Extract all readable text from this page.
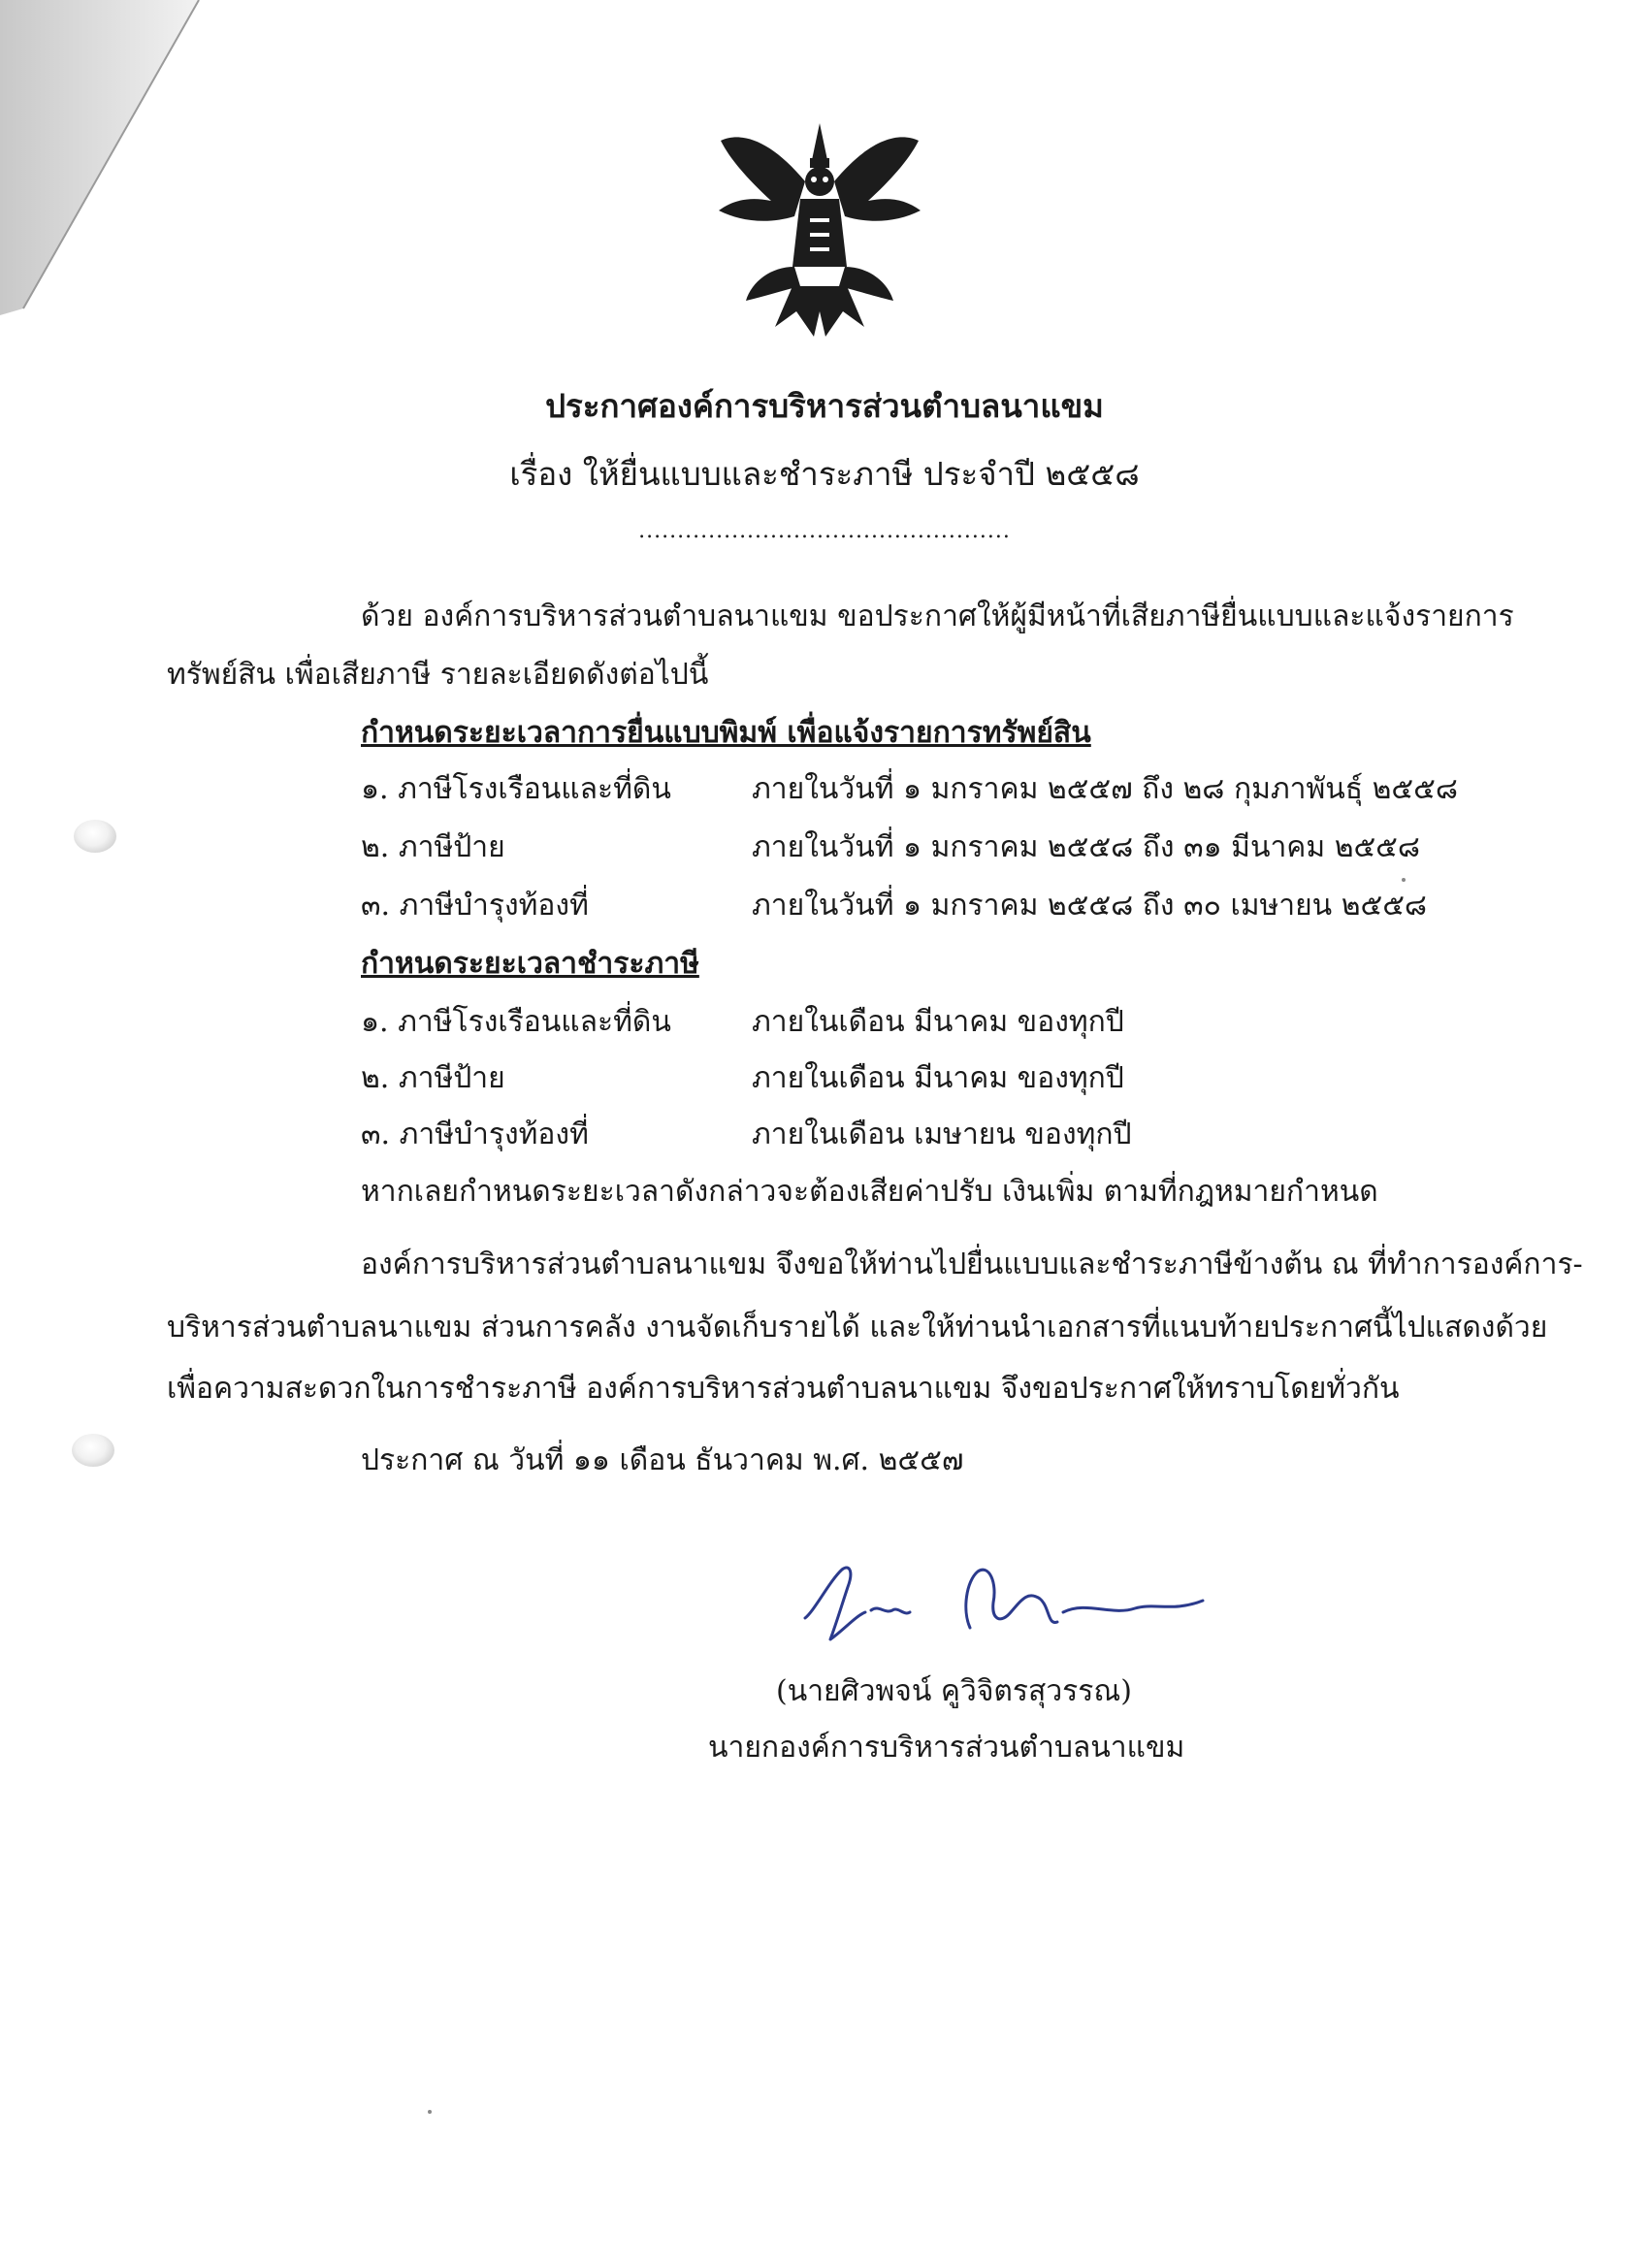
ประกาศองค์การบริหารส่วนตำบลนาแขม
เรื่อง ให้ยื่นแบบและชำระภาษี ประจำปี ๒๕๕๘
................................................
ด้วย องค์การบริหารส่วนตำบลนาแขม ขอประกาศให้ผู้มีหน้าที่เสียภาษียื่นแบบและแจ้งรายการ
ทรัพย์สิน เพื่อเสียภาษี รายละเอียดดังต่อไปนี้
กำหนดระยะเวลาการยื่นแบบพิมพ์ เพื่อแจ้งรายการทรัพย์สิน
๑. ภาษีโรงเรือนและที่ดิน	ภายในวันที่ ๑ มกราคม ๒๕๕๗ ถึง ๒๘ กุมภาพันธุ์ ๒๕๕๘
๒. ภาษีป้าย	ภายในวันที่ ๑ มกราคม ๒๕๕๘ ถึง ๓๑ มีนาคม ๒๕๕๘
๓. ภาษีบำรุงท้องที่	ภายในวันที่ ๑ มกราคม ๒๕๕๘ ถึง ๓๐ เมษายน ๒๕๕๘
กำหนดระยะเวลาชำระภาษี
๑. ภาษีโรงเรือนและที่ดิน	ภายในเดือน มีนาคม ของทุกปี
๒. ภาษีป้าย	ภายในเดือน มีนาคม ของทุกปี
๓. ภาษีบำรุงท้องที่	ภายในเดือน เมษายน ของทุกปี
หากเลยกำหนดระยะเวลาดังกล่าวจะต้องเสียค่าปรับ เงินเพิ่ม ตามที่กฎหมายกำหนด
องค์การบริหารส่วนตำบลนาแขม จึงขอให้ท่านไปยื่นแบบและชำระภาษีข้างต้น ณ ที่ทำการองค์การ-
บริหารส่วนตำบลนาแขม ส่วนการคลัง งานจัดเก็บรายได้ และให้ท่านนำเอกสารที่แนบท้ายประกาศนี้ไปแสดงด้วย
เพื่อความสะดวกในการชำระภาษี องค์การบริหารส่วนตำบลนาแขม จึงขอประกาศให้ทราบโดยทั่วกัน
ประกาศ ณ วันที่ ๑๑ เดือน ธันวาคม พ.ศ. ๒๕๕๗
(นายศิวพจน์ คูวิจิตรสุวรรณ)
นายกองค์การบริหารส่วนตำบลนาแขม
